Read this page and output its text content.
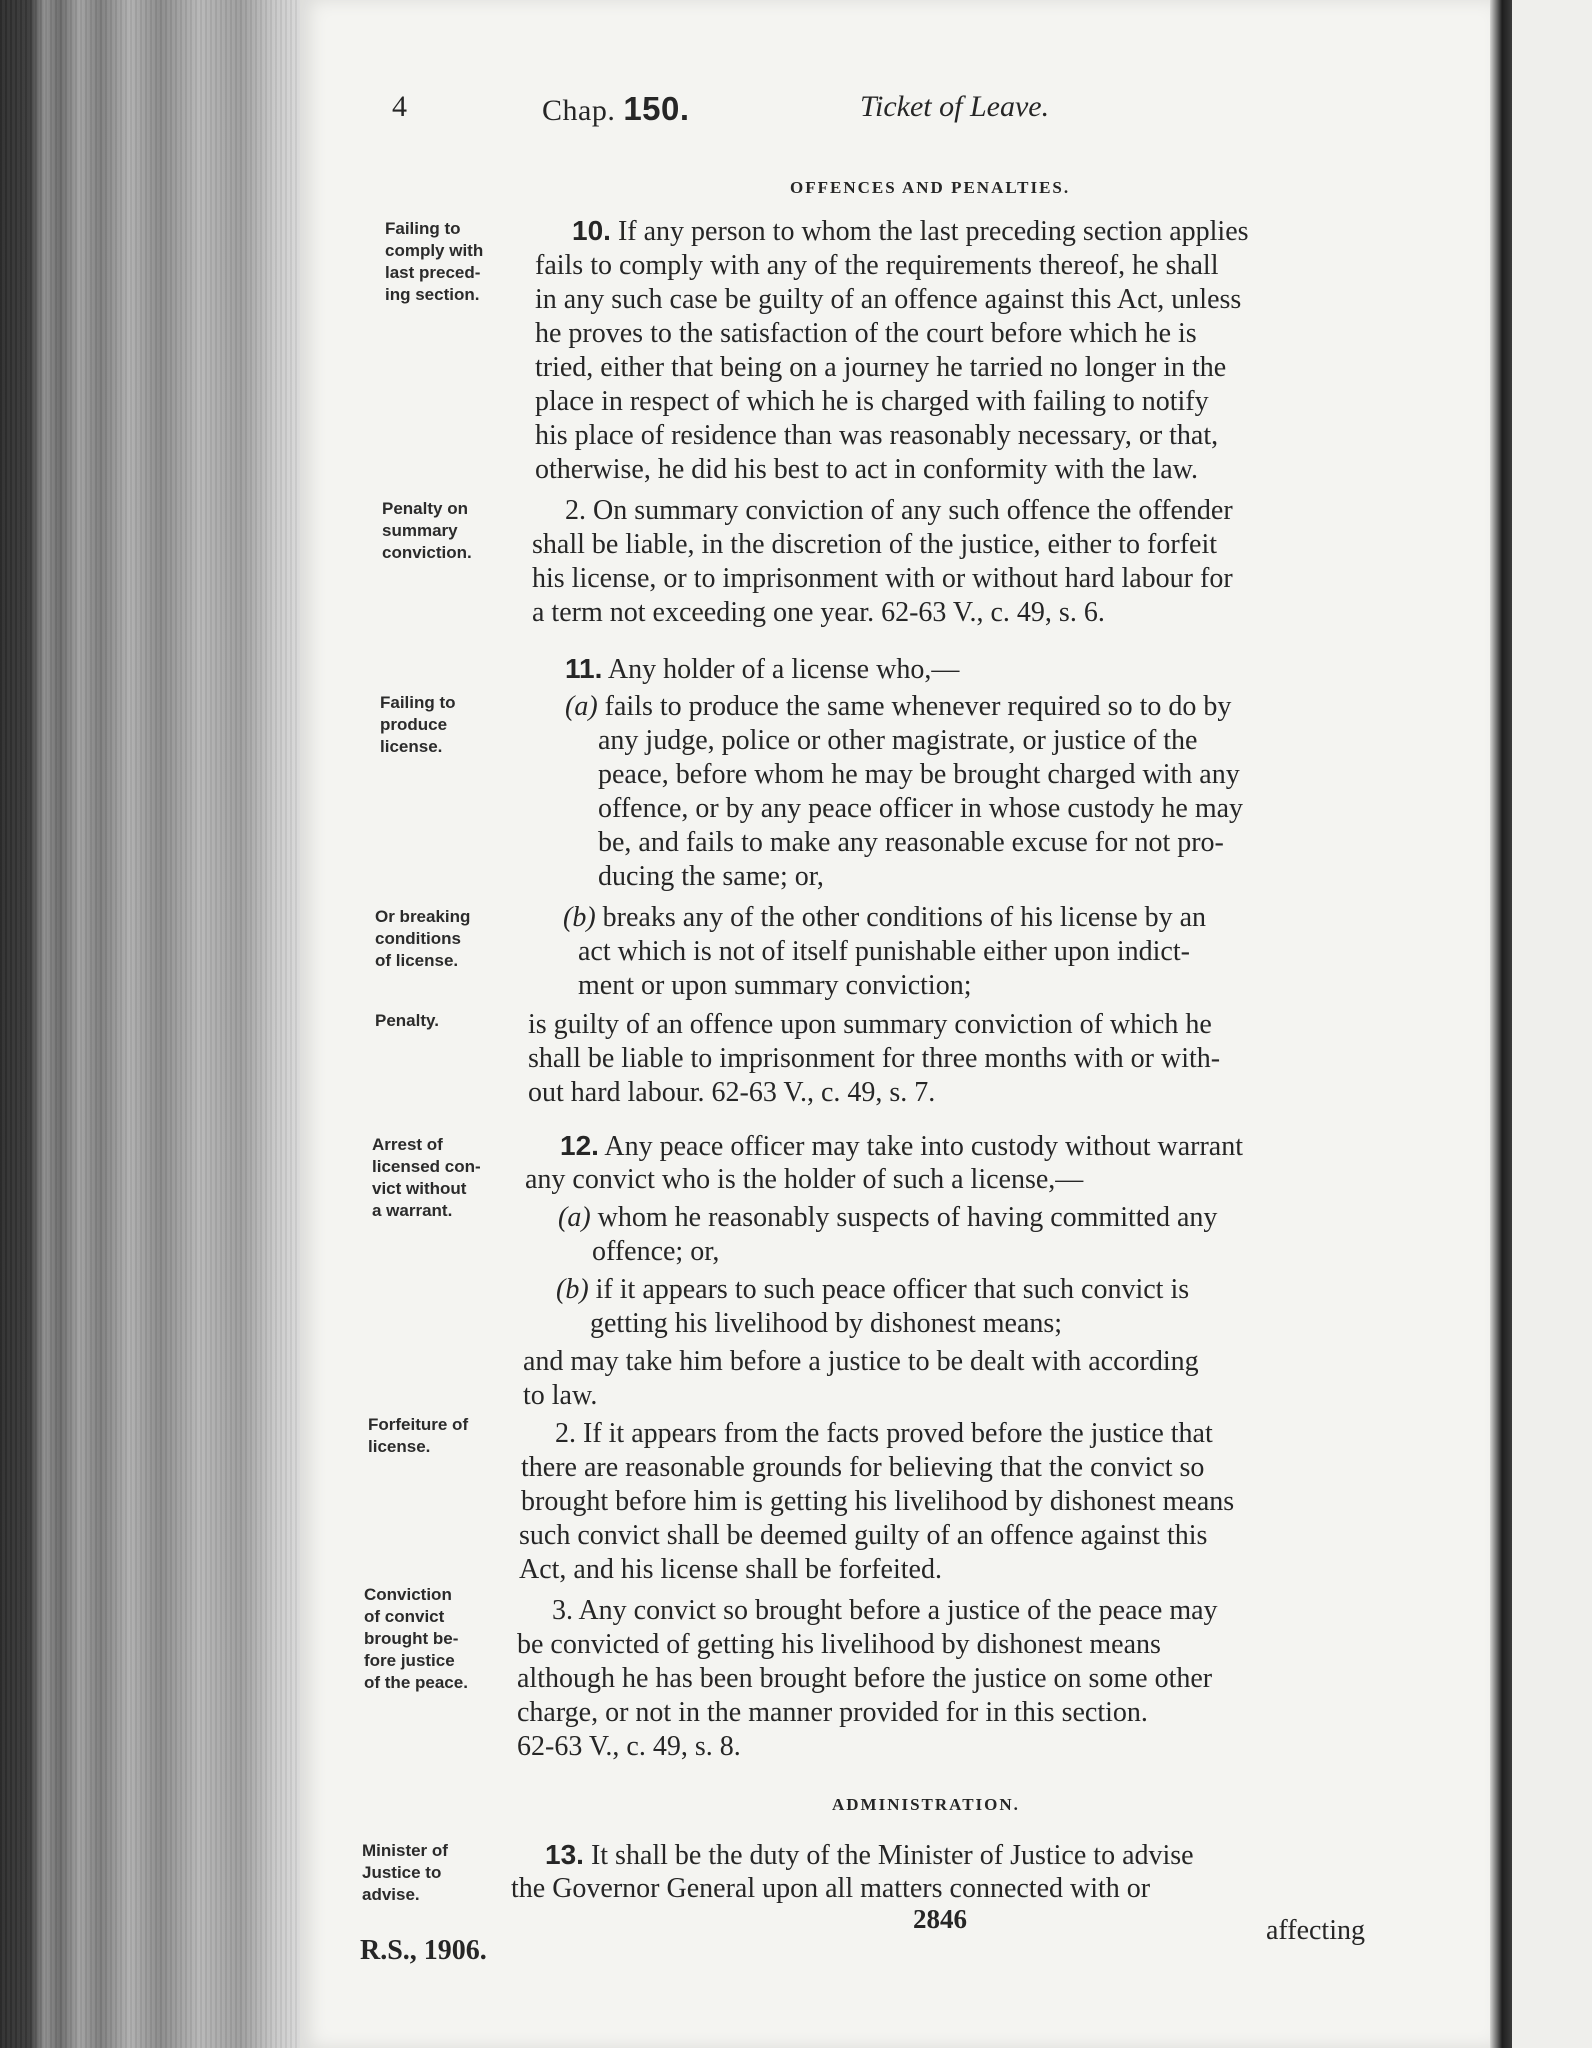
4	Chap. 150.	Ticket of Leave.
OFFENCES AND PENALTIES.
Failing to
comply with
last preced-
ing section.
Penalty on
summary
conviction.
Failing to
produce
license.
Or breaking
conditions
of license.
Penalty.
Arrest of
licensed con-
vict without
a warrant.
Forfeiture of
license.
Conviction
of convict
brought be-
fore justice
of the peace.
Minister of
Justice to
advise.
10. If any person to whom the last preceding section applies
fails to comply with any of the requirements thereof, he shall
in any such case be guilty of an offence against this Act, unless
he proves to the satisfaction of the court before which he is
tried, either that being on a journey he tarried no longer in the
place in respect of which he is charged with failing to notify
his place of residence than was reasonably necessary, or that,
otherwise, he did his best to act in conformity with the law.
2. On summary conviction of any such offence the offender
shall be liable, in the discretion of the justice, either to forfeit
his license, or to imprisonment with or without hard labour for
a term not exceeding one year. 62-63 V., c. 49, s. 6.
11. Any holder of a license who,—
(a) fails to produce the same whenever required so to do by
any judge, police or other magistrate, or justice of the
peace, before whom he may be brought charged with any
offence, or by any peace officer in whose custody he may
be, and fails to make any reasonable excuse for not pro-
ducing the same; or,
(b) breaks any of the other conditions of his license by an
act which is not of itself punishable either upon indict-
ment or upon summary conviction;
is guilty of an offence upon summary conviction of which he
shall be liable to imprisonment for three months with or with-
out hard labour. 62-63 V., c. 49, s. 7.
12. Any peace officer may take into custody without warrant
any convict who is the holder of such a license,—
(a) whom he reasonably suspects of having committed any
offence; or,
(b) if it appears to such peace officer that such convict is
getting his livelihood by dishonest means;
and may take him before a justice to be dealt with according
to law.
2. If it appears from the facts proved before the justice that
there are reasonable grounds for believing that the convict so
brought before him is getting his livelihood by dishonest means
such convict shall be deemed guilty of an offence against this
Act, and his license shall be forfeited.
3. Any convict so brought before a justice of the peace may
be convicted of getting his livelihood by dishonest means
although he has been brought before the justice on some other
charge, or not in the manner provided for in this section.
62-63 V., c. 49, s. 8.
ADMINISTRATION.
13. It shall be the duty of the Minister of Justice to advise
the Governor General upon all matters connected with or
2846	affecting
R.S., 1906.
